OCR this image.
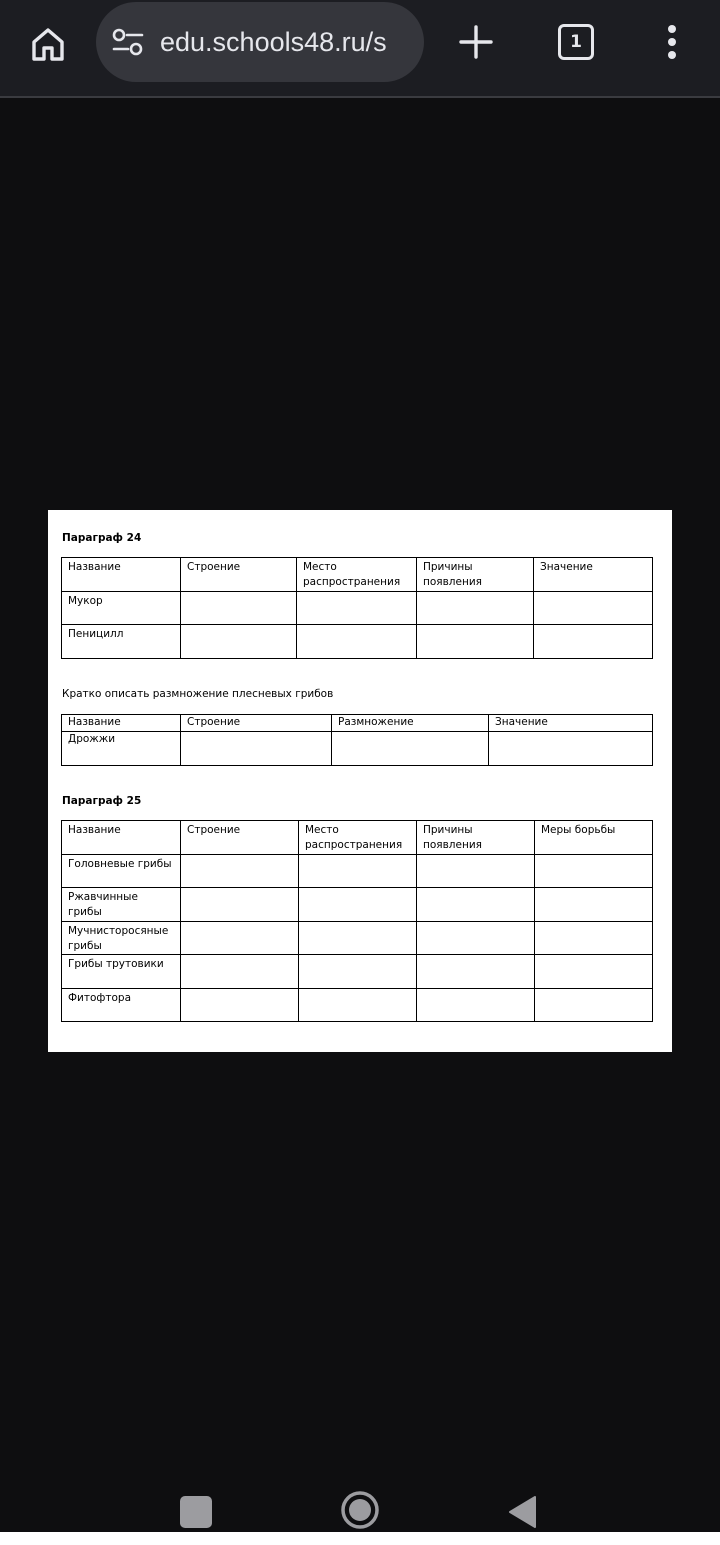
edu.schools48.ru/s	1
Параграф 24
Название	Строение	Место распространения	Причины появления	Значение
Мукор				
Пеницилл				
Кратко описать размножение плесневых грибов
Название	Строение	Размножение	Значение
Дрожжи			
Параграф 25
Название	Строение	Место распространения	Причины появления	Меры борьбы
Головневые грибы				
Ржавчинные грибы				
Мучнисторосяные грибы				
Грибы трутовики				
Фитофтора				
